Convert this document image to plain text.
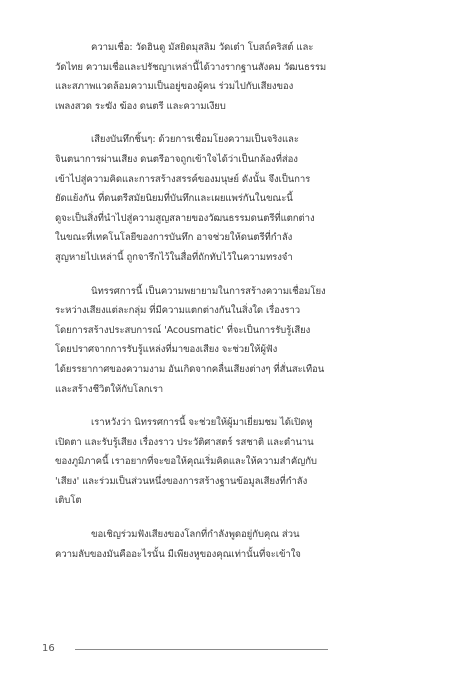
ความเชื่อ: วัดฮินดู มัสยิดมุสลิม วัดเต๋า โบสถ์คริสต์ และ
วัดไทย ความเชื่อและปรัชญาเหล่านี้ได้วางรากฐานสังคม วัฒนธรรม
และสภาพแวดล้อมความเป็นอยู่ของผู้คน ร่วมไปกับเสียงของ
เพลงสวด ระฆัง ฆ้อง ดนตรี และความเงียบ

เสียงบันทึกชิ้นๆ: ด้วยการเชื่อมโยงความเป็นจริงและ
จินตนาการผ่านเสียง ดนตรีอาจถูกเข้าใจได้ว่าเป็นกล้องที่ส่อง
เข้าไปสู่ความคิดและการสร้างสรรค์ของมนุษย์ ดังนั้น จึงเป็นการ
ยัดแย้งกัน ที่ดนตรีสมัยนิยมที่บันทึกและเผยแพร่กันในขณะนี้
ดูจะเป็นสิ่งที่นำไปสู่ความสูญสลายของวัฒนธรรมดนตรีที่แตกต่าง
ในขณะที่เทคโนโลยีของการบันทึก อาจช่วยให้ดนตรีที่กำลัง
สูญหายไปเหล่านี้ ถูกจารึกไว้ในสื่อที่ถักทับไว้ในความทรงจำ

นิทรรศการนี้ เป็นความพยายามในการสร้างความเชื่อมโยง
ระหว่างเสียงแต่ละกลุ่ม ที่มีความแตกต่างกันในสิ่งใด เรื่องราว
โดยการสร้างประสบการณ์ 'Acousmatic' ที่จะเป็นการรับรู้เสียง
โดยปราศจากการรับรู้แหล่งที่มาของเสียง จะช่วยให้ผู้ฟัง
ได้ยรรยากาศของความงาม อันเกิดจากคลื่นเสียงต่างๆ ที่สั่นสะเทือน
และสร้างชีวิตให้กับโลกเรา

เราหวังว่า นิทรรศการนี้ จะช่วยให้ผู้มาเยี่ยมชม ได้เปิดหู
เปิดตา และรับรู้เสียง เรื่องราว ประวัติศาสตร์ รสชาติ และตำนาน
ของภูมิภาคนี้ เราอยากที่จะขอให้คุณเริ่มคิดและให้ความสำคัญกับ
'เสียง' และร่วมเป็นส่วนหนึ่งของการสร้างฐานข้อมูลเสียงที่กำลัง
เติบโต

ขอเชิญร่วมฟังเสียงของโลกที่กำลังพูดอยู่กับคุณ ส่วน
ความลับของมันคืออะไรนั้น มีเพียงหูของคุณเท่านั้นที่จะเข้าใจ

16
